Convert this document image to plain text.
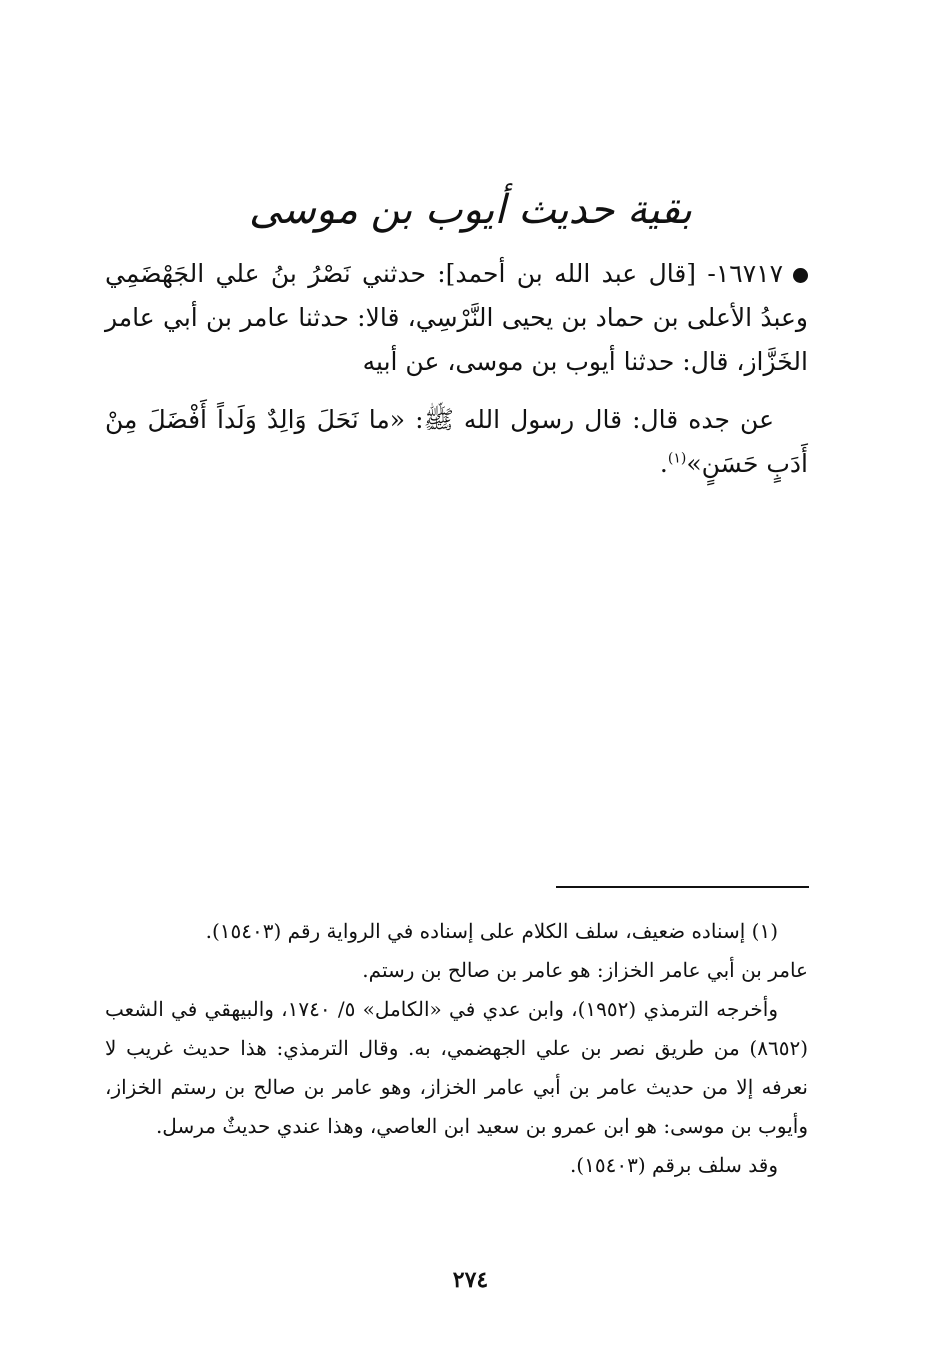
بقية حديث أيوب بن موسى

١٦٧١٧- [قال عبد الله بن أحمد]: حدثني نَصْرُ بنُ علي الجَهْضَمِي وعبدُ الأعلى بن حماد بن يحيى النَّرْسِي، قالا: حدثنا عامر بن أبي عامر الخَزَّاز، قال: حدثنا أيوب بن موسى، عن أبيه

عن جده قال: قال رسول الله ﷺ: «ما نَحَلَ وَالِدٌ وَلَداً أَفْضَلَ مِنْ أَدَبٍ حَسَنٍ»$^{(١)}$.

(١) إسناده ضعيف، سلف الكلام على إسناده في الرواية رقم (١٥٤٠٣).

عامر بن أبي عامر الخزاز: هو عامر بن صالح بن رستم.

وأخرجه الترمذي (١٩٥٢)، وابن عدي في «الكامل» ٥/ ١٧٤٠، والبيهقي في الشعب (٨٦٥٢) من طريق نصر بن علي الجهضمي، به. وقال الترمذي: هذا حديث غريب لا نعرفه إلا من حديث عامر بن أبي عامر الخزاز، وهو عامر بن صالح بن رستم الخزاز، وأيوب بن موسى: هو ابن عمرو بن سعيد ابن العاصي، وهذا عندي حديثٌ مرسل.

وقد سلف برقم (١٥٤٠٣).

٢٧٤
